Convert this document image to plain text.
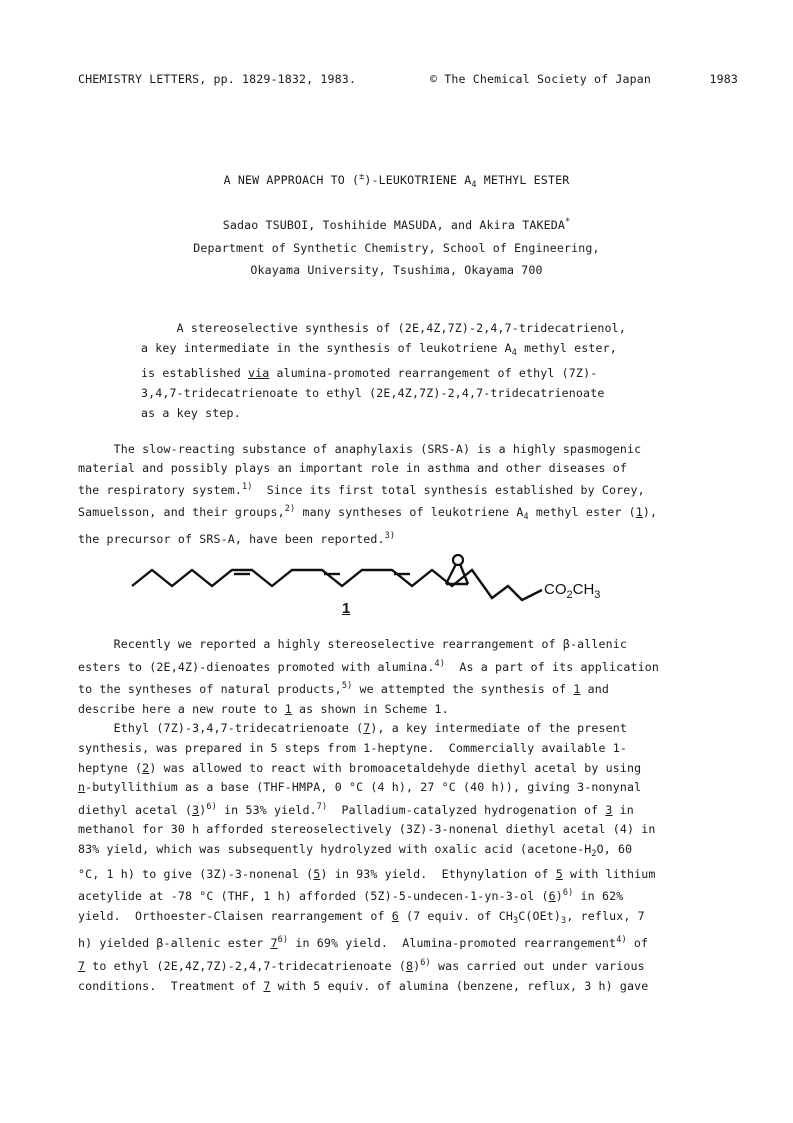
CHEMISTRY LETTERS, pp. 1829-1832, 1983.	© The Chemical Society of Japan	1983
A NEW APPROACH TO (±)-LEUKOTRIENE $A_4$ METHYL ESTER
Sadao TSUBOI, Toshihide MASUDA, and Akira TAKEDA*
Department of Synthetic Chemistry, School of Engineering,
Okayama University, Tsushima, Okayama 700

A stereoselective synthesis of (2E,4Z,7Z)-2,4,7-tridecatrienol,

a key intermediate in the synthesis of leukotriene $A_4$ methyl ester,

is established via alumina-promoted rearrangement of ethyl (7Z)-

3,4,7-tridecatrienoate to ethyl (2E,4Z,7Z)-2,4,7-tridecatrienoate

as a key step.

The slow-reacting substance of anaphylaxis (SRS-A) is a highly spasmogenic

material and possibly plays an important role in asthma and other diseases of

the respiratory system.$^{1)}$  Since its first total synthesis established by Corey,

Samuelsson, and their groups,$^{2)}$ many syntheses of leukotriene $A_4$ methyl ester (1),

the precursor of SRS-A, have been reported.$^{3)}$

CO2CH3
1

Recently we reported a highly stereoselective rearrangement of β-allenic

esters to (2E,4Z)-dienoates promoted with alumina.$^{4)}$  As a part of its application

to the syntheses of natural products,$^{5)}$ we attempted the synthesis of 1 and

describe here a new route to 1 as shown in Scheme 1.

Ethyl (7Z)-3,4,7-tridecatrienoate (7), a key intermediate of the present

synthesis, was prepared in 5 steps from 1-heptyne.  Commercially available 1-

heptyne (2) was allowed to react with bromoacetaldehyde diethyl acetal by using

n-butyllithium as a base (THF-HMPA, 0 °C (4 h), 27 °C (40 h)), giving 3-nonynal

diethyl acetal $(3)^{6)}$ in 53% yield.$^{7)}$  Palladium-catalyzed hydrogenation of 3 in

methanol for 30 h afforded stereoselectively (3Z)-3-nonenal diethyl acetal (4) in

83% yield, which was subsequently hydrolyzed with oxalic acid ($acetone-H_2O$, 60

°C, 1 h) to give (3Z)-3-nonenal (5) in 93% yield.  Ethynylation of 5 with lithium

acetylide at -78 °C (THF, 1 h) afforded (5Z)-5-undecen-1-yn-3-ol $(6)^{6)}$ in 62%

yield.  Orthoester-Claisen rearrangement of 6 (7 equiv. of $CH_3C(OEt)_3$, reflux, 7

h) yielded β-allenic ester 7$^{6)}$ in 69% yield.  Alumina-promoted rearrangement$^{4)}$ of

7 to ethyl (2E,4Z,7Z)-2,4,7-tridecatrienoate $(8)^{6)}$ was carried out under various

conditions.  Treatment of 7 with 5 equiv. of alumina (benzene, reflux, 3 h) gave
